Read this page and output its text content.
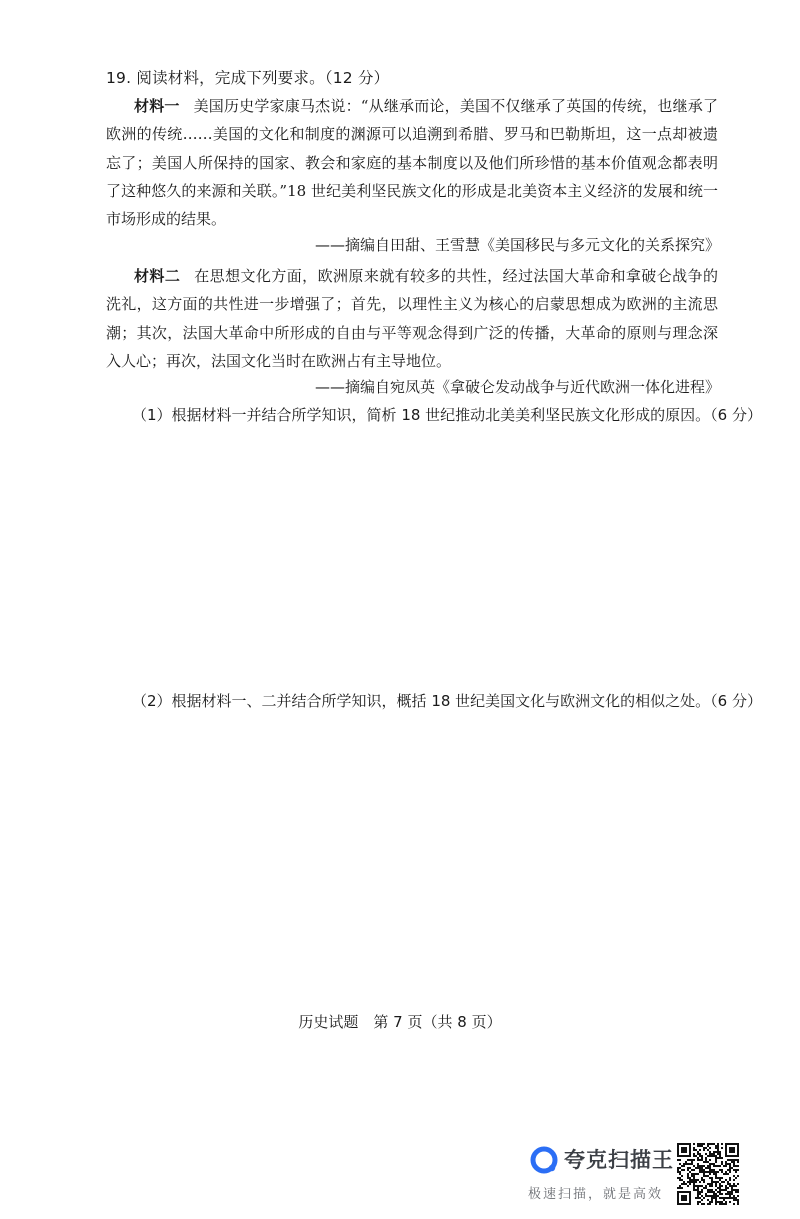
19. 阅读材料，完成下列要求。（12 分）
材料一 美国历史学家康马杰说：“从继承而论，美国不仅继承了英国的传统，也继承了欧洲的传统……美国的文化和制度的渊源可以追溯到希腊、罗马和巴勒斯坦，这一点却被遗忘了；美国人所保持的国家、教会和家庭的基本制度以及他们所珍惜的基本价值观念都表明了这种悠久的来源和关联。”18 世纪美利坚民族文化的形成是北美资本主义经济的发展和统一市场形成的结果。
——摘编自田甜、王雪慧《美国移民与多元文化的关系探究》
材料二 在思想文化方面，欧洲原来就有较多的共性，经过法国大革命和拿破仑战争的洗礼，这方面的共性进一步增强了；首先，以理性主义为核心的启蒙思想成为欧洲的主流思潮；其次，法国大革命中所形成的自由与平等观念得到广泛的传播，大革命的原则与理念深入人心；再次，法国文化当时在欧洲占有主导地位。
——摘编自宛凤英《拿破仑发动战争与近代欧洲一体化进程》
（1）根据材料一并结合所学知识，简析 18 世纪推动北美美利坚民族文化形成的原因。（6 分）
（2）根据材料一、二并结合所学知识，概括 18 世纪美国文化与欧洲文化的相似之处。（6 分）
历史试题　第 7 页（共 8 页）
夸克扫描王
极速扫描，就是高效
